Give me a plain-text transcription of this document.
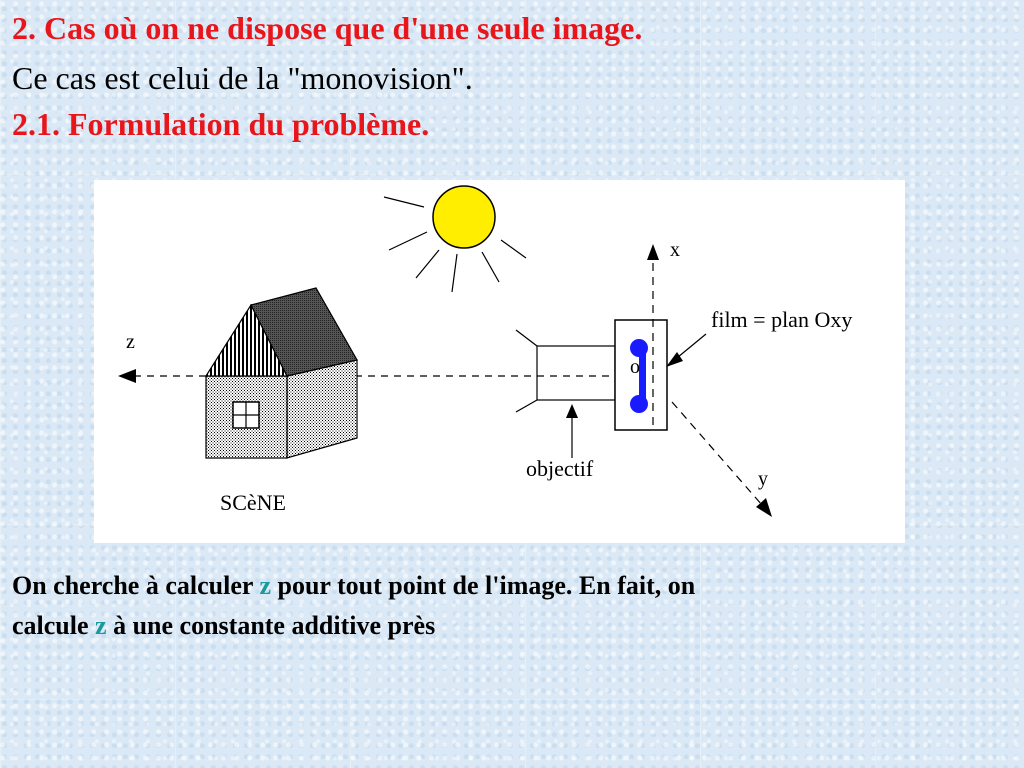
2. Cas où on ne dispose que d'une seule image.

Ce cas est celui de la "monovision".

2.1. Formulation du problème.
z
SCèNE
objectif
o
x
y
film = plan Oxy

On cherche à calculer z pour tout point de l'image. En fait, on
calcule z à une constante additive près
